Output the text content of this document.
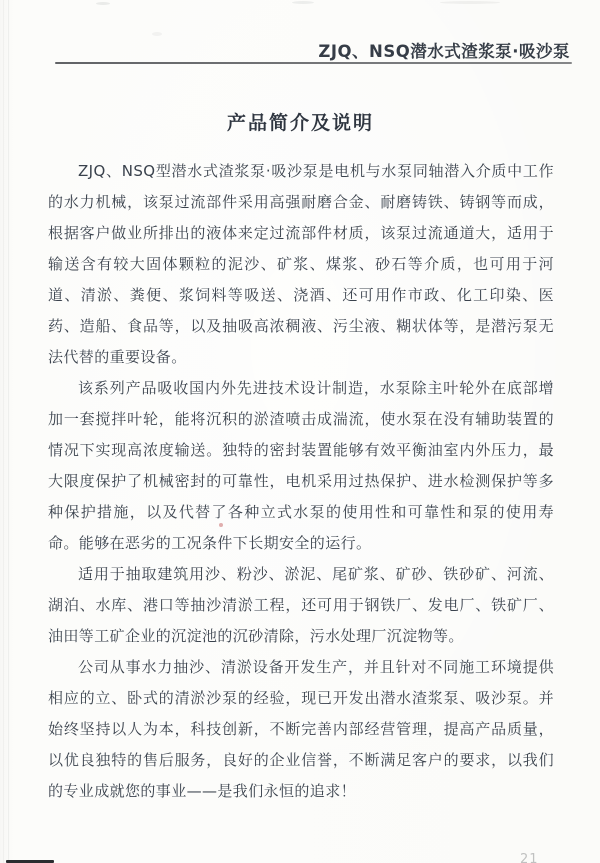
ZJQ、NSQ潜水式渣浆泵·吸沙泵
产品简介及说明

ZJQ、NSQ型潜水式渣浆泵·吸沙泵是电机与水泵同轴潜入介质中工作的水力机械，该泵过流部件采用高强耐磨合金、耐磨铸铁、铸钢等而成，根据客户做业所排出的液体来定过流部件材质，该泵过流通道大，适用于输送含有较大固体颗粒的泥沙、矿浆、煤浆、砂石等介质，也可用于河道、清淤、粪便、浆饲料等吸送、浇酒、还可用作市政、化工印染、医药、造船、食品等，以及抽吸高浓稠液、污尘液、糊状体等，是潜污泵无法代替的重要设备。

该系列产品吸收国内外先进技术设计制造，水泵除主叶轮外在底部增加一套搅拌叶轮，能将沉积的淤渣喷击成湍流，使水泵在没有辅助装置的情况下实现高浓度输送。独特的密封装置能够有效平衡油室内外压力，最大限度保护了机械密封的可靠性，电机采用过热保护、进水检测保护等多种保护措施，以及代替了各种立式水泵的使用性和可靠性和泵的使用寿命。能够在恶劣的工况条件下长期安全的运行。

适用于抽取建筑用沙、粉沙、淤泥、尾矿浆、矿砂、铁砂矿、河流、湖泊、水库、港口等抽沙清淤工程，还可用于钢铁厂、发电厂、铁矿厂、油田等工矿企业的沉淀池的沉砂清除，污水处理厂沉淀物等。

公司从事水力抽沙、清淤设备开发生产，并且针对不同施工环境提供相应的立、卧式的清淤沙泵的经验，现已开发出潜水渣浆泵、吸沙泵。并始终坚持以人为本，科技创新，不断完善内部经营管理，提高产品质量，以优良独特的售后服务，良好的企业信誉，不断满足客户的要求，以我们的专业成就您的事业——是我们永恒的追求！

21
